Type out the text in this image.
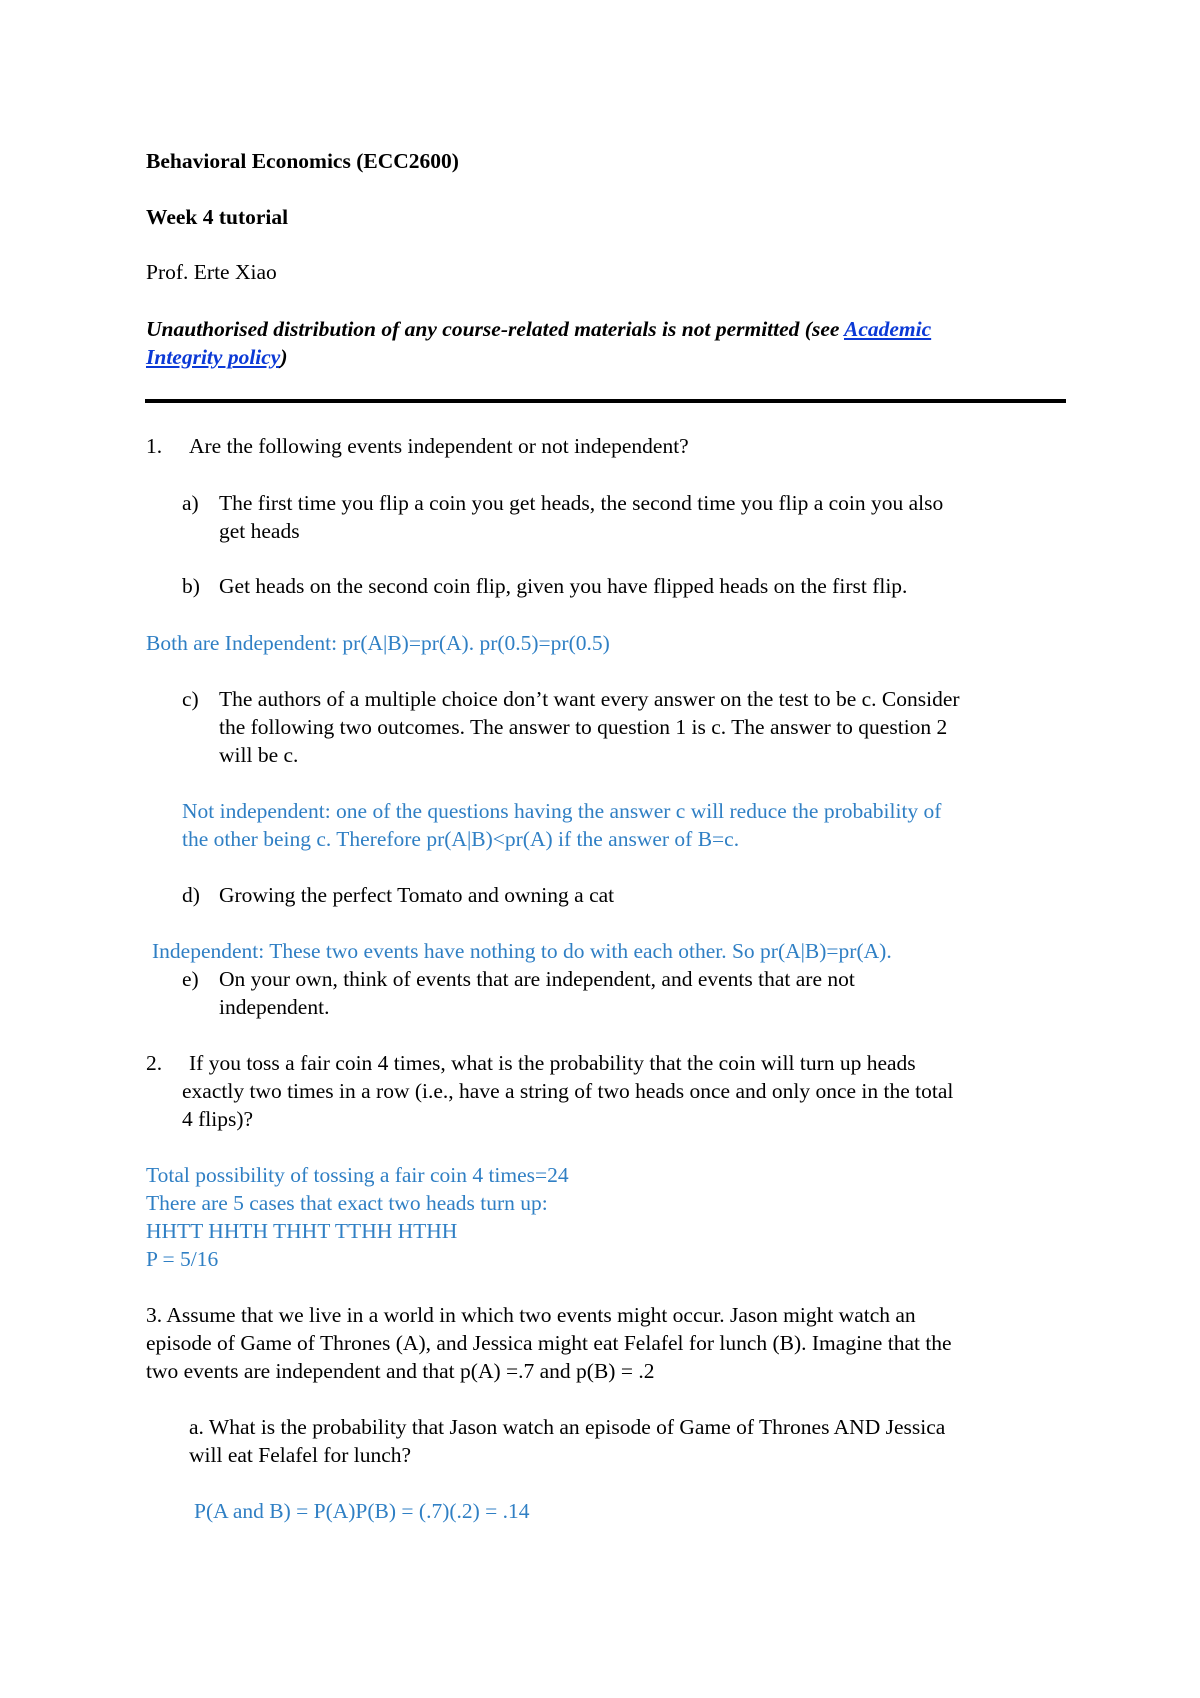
Behavioral Economics (ECC2600)
Week 4 tutorial
Prof. Erte Xiao
Unauthorised distribution of any course-related materials is not permitted (see Academic
Integrity policy)
1. Are the following events independent or not independent?
a) The first time you flip a coin you get heads, the second time you flip a coin you also
get heads
b) Get heads on the second coin flip, given you have flipped heads on the first flip.
Both are Independent: pr(A|B)=pr(A). pr(0.5)=pr(0.5)
c) The authors of a multiple choice don’t want every answer on the test to be c. Consider
the following two outcomes. The answer to question 1 is c. The answer to question 2
will be c.
Not independent: one of the questions having the answer c will reduce the probability of
the other being c. Therefore pr(A|B)<pr(A) if the answer of B=c.
d) Growing the perfect Tomato and owning a cat
Independent: These two events have nothing to do with each other. So pr(A|B)=pr(A).
e) On your own, think of events that are independent, and events that are not
independent.
2. If you toss a fair coin 4 times, what is the probability that the coin will turn up heads
exactly two times in a row (i.e., have a string of two heads once and only once in the total
4 flips)?
Total possibility of tossing a fair coin 4 times=24
There are 5 cases that exact two heads turn up:
HHTT HHTH THHT TTHH HTHH
P = 5/16
3. Assume that we live in a world in which two events might occur. Jason might watch an
episode of Game of Thrones (A), and Jessica might eat Felafel for lunch (B). Imagine that the
two events are independent and that p(A) =.7 and p(B) = .2
a. What is the probability that Jason watch an episode of Game of Thrones AND Jessica
will eat Felafel for lunch?
P(A and B) = P(A)P(B) = (.7)(.2) = .14
